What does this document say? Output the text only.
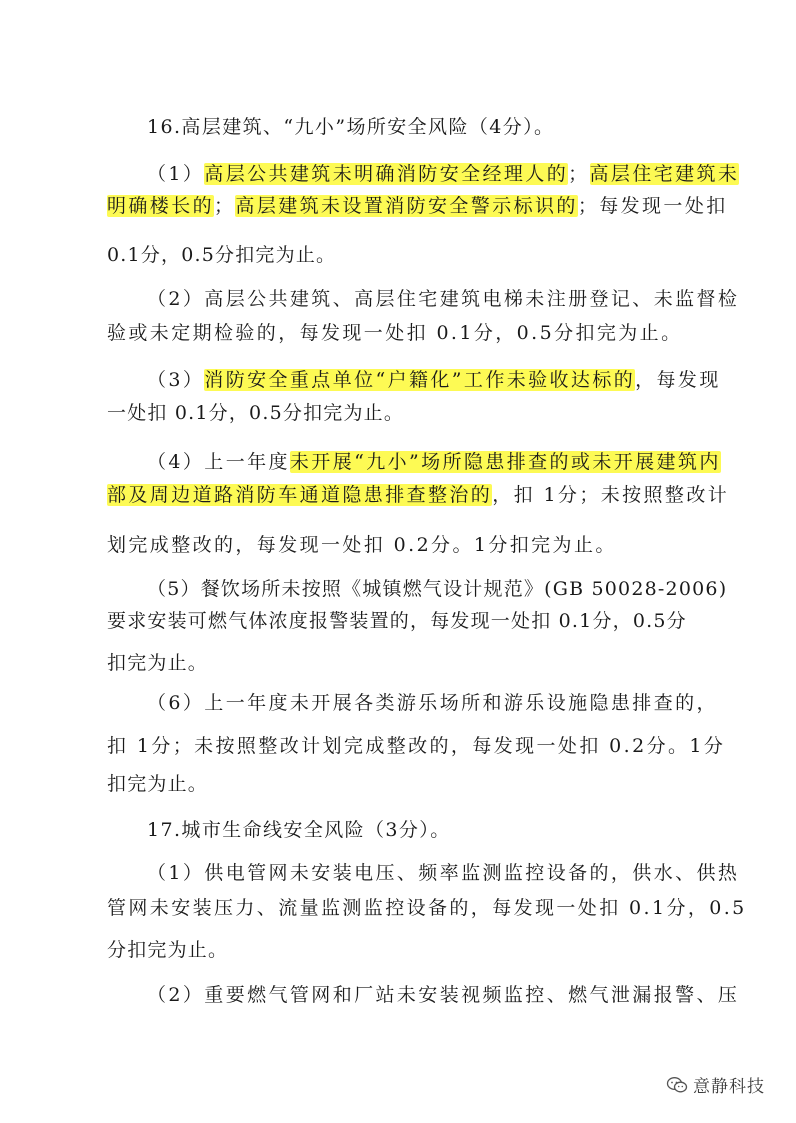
16.高层建筑、“九小”场所安全风险（4分）。
（1）高层公共建筑未明确消防安全经理人的；高层住宅建筑未
明确楼长的；高层建筑未设置消防安全警示标识的；每发现一处扣
0.1分，0.5分扣完为止。
（2）高层公共建筑、高层住宅建筑电梯未注册登记、未监督检
验或未定期检验的，每发现一处扣 0.1分，0.5分扣完为止。
（3）消防安全重点单位“户籍化”工作未验收达标的，每发现
一处扣 0.1分，0.5分扣完为止。
（4）上一年度未开展“九小”场所隐患排查的或未开展建筑内
部及周边道路消防车通道隐患排查整治的，扣 1分；未按照整改计
划完成整改的，每发现一处扣 0.2分。1分扣完为止。
（5）餐饮场所未按照《城镇燃气设计规范》(GB 50028-2006)
要求安装可燃气体浓度报警装置的，每发现一处扣 0.1分，0.5分
扣完为止。
（6）上一年度未开展各类游乐场所和游乐设施隐患排查的，
扣 1分；未按照整改计划完成整改的，每发现一处扣 0.2分。1分
扣完为止。
17.城市生命线安全风险（3分）。
（1）供电管网未安装电压、频率监测监控设备的，供水、供热
管网未安装压力、流量监测监控设备的，每发现一处扣 0.1分，0.5
分扣完为止。
（2）重要燃气管网和厂站未安装视频监控、燃气泄漏报警、压
意静科技
